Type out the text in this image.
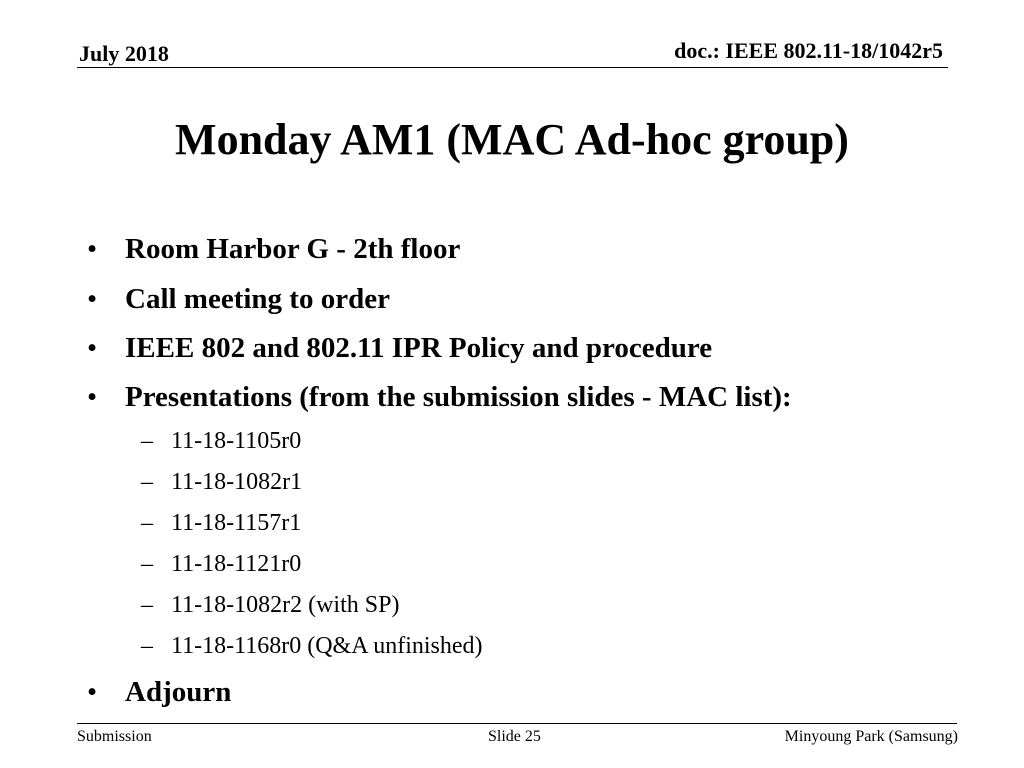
July 2018	doc.: IEEE 802.11-18/1042r5
Monday AM1 (MAC Ad-hoc group)
• Room Harbor G - 2th floor
• Call meeting to order
• IEEE 802 and 802.11 IPR Policy and procedure
• Presentations (from the submission slides - MAC list):
– 11-18-1105r0
– 11-18-1082r1
– 11-18-1157r1
– 11-18-1121r0
– 11-18-1082r2 (with SP)
– 11-18-1168r0 (Q&A unfinished)
• Adjourn
Submission	Slide 25	Minyoung Park (Samsung)
